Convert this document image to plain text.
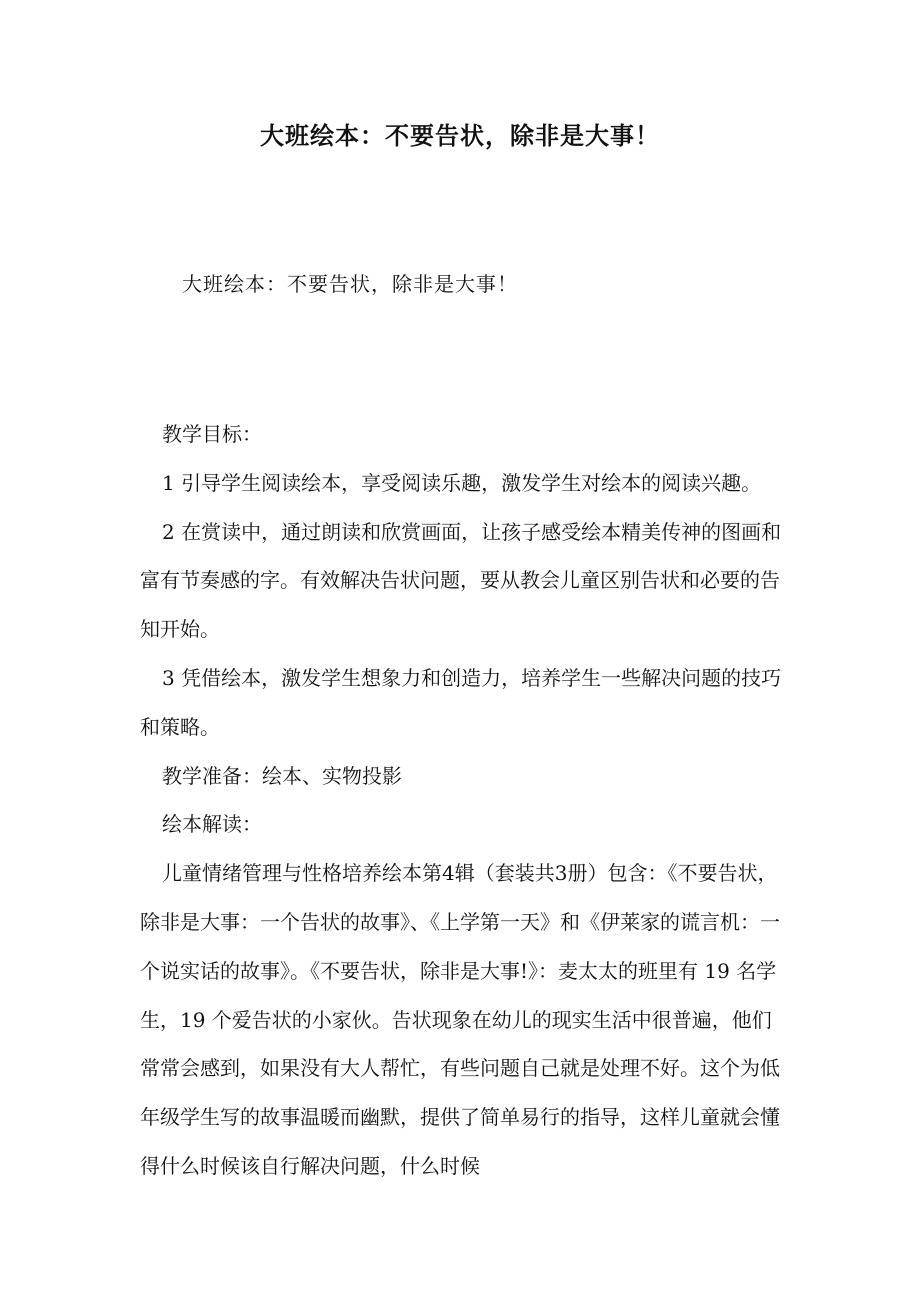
大班绘本：不要告状，除非是大事！
大班绘本：不要告状，除非是大事！

教学目标：

1 引导学生阅读绘本，享受阅读乐趣，激发学生对绘本的阅读兴趣。

2 在赏读中，通过朗读和欣赏画面，让孩子感受绘本精美传神的图画和富有节奏感的字。有效解决告状问题，要从教会儿童区别告状和必要的告知开始。

3 凭借绘本，激发学生想象力和创造力，培养学生一些解决问题的技巧和策略。

教学准备：绘本、实物投影

绘本解读：

儿童情绪管理与性格培养绘本第4辑（套装共3册）包含：《不要告状，除非是大事：一个告状的故事》、《上学第一天》和《伊莱家的谎言机：一个说实话的故事》。《不要告状，除非是大事!》：麦太太的班里有 19 名学生，19 个爱告状的小家伙。告状现象在幼儿的现实生活中很普遍，他们常常会感到，如果没有大人帮忙，有些问题自己就是处理不好。这个为低年级学生写的故事温暖而幽默，提供了简单易行的指导，这样儿童就会懂得什么时候该自行解决问题，什么时候
